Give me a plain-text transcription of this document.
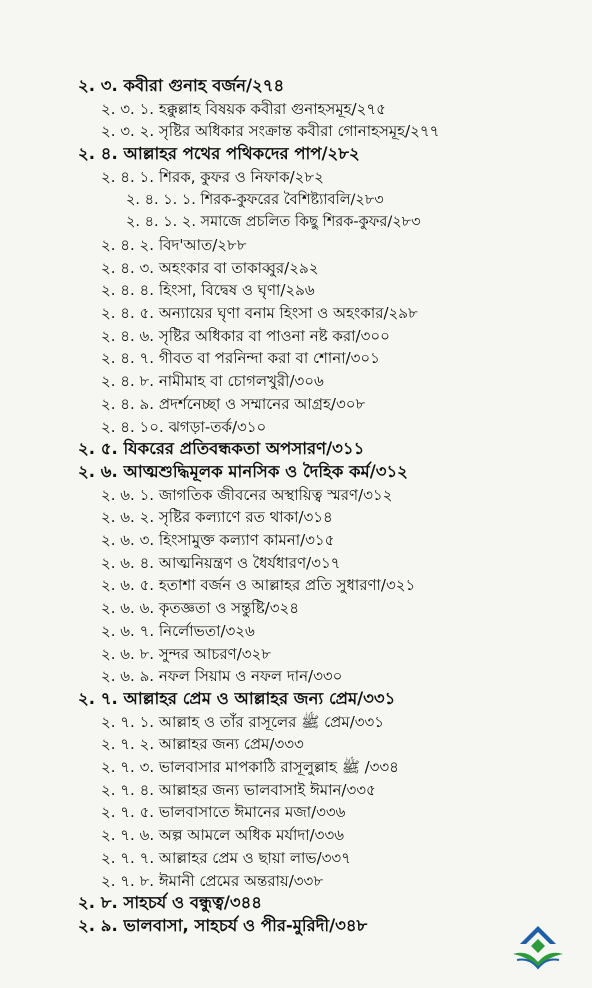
২. ৩. কবীরা গুনাহ বর্জন/২৭৪
২. ৩. ১. হক্কুল্লাহ বিষয়ক কবীরা গুনাহসমূহ/২৭৫
২. ৩. ২. সৃষ্টির অধিকার সংক্রান্ত কবীরা গোনাহসমূহ/২৭৭
২. ৪. আল্লাহর পথের পথিকদের পাপ/২৮২
২. ৪. ১. শিরক, কুফর ও নিফাক/২৮২
২. ৪. ১. ১. শিরক-কুফরের বৈশিষ্ট্যাবলি/২৮৩
২. ৪. ১. ২. সমাজে প্রচলিত কিছু শিরক-কুফর/২৮৩
২. ৪. ২. বিদ'আত/২৮৮
২. ৪. ৩. অহংকার বা তাকাব্বুর/২৯২
২. ৪. ৪. হিংসা, বিদ্বেষ ও ঘৃণা/২৯৬
২. ৪. ৫. অন্যায়ের ঘৃণা বনাম হিংসা ও অহংকার/২৯৮
২. ৪. ৬. সৃষ্টির অধিকার বা পাওনা নষ্ট করা/৩০০
২. ৪. ৭. গীবত বা পরনিন্দা করা বা শোনা/৩০১
২. ৪. ৮. নামীমাহ বা চোগলখুরী/৩০৬
২. ৪. ৯. প্রদর্শনেচ্ছা ও সম্মানের আগ্রহ/৩০৮
২. ৪. ১০. ঝগড়া-তর্ক/৩১০
২. ৫. যিকরের প্রতিবন্ধকতা অপসারণ/৩১১
২. ৬. আত্মশুদ্ধিমূলক মানসিক ও দৈহিক কর্ম/৩১২
২. ৬. ১. জাগতিক জীবনের অস্থায়িত্ব স্মরণ/৩১২
২. ৬. ২. সৃষ্টির কল্যাণে রত থাকা/৩১৪
২. ৬. ৩. হিংসামুক্ত কল্যাণ কামনা/৩১৫
২. ৬. ৪. আত্মনিয়ন্ত্রণ ও ধৈর্যধারণ/৩১৭
২. ৬. ৫. হতাশা বর্জন ও আল্লাহর প্রতি সুধারণা/৩২১
২. ৬. ৬. কৃতজ্ঞতা ও সন্তুষ্টি/৩২৪
২. ৬. ৭. নির্লোভতা/৩২৬
২. ৬. ৮. সুন্দর আচরণ/৩২৮
২. ৬. ৯. নফল সিয়াম ও নফল দান/৩৩০
২. ৭. আল্লাহর প্রেম ও আল্লাহর জন্য প্রেম/৩৩১
২. ৭. ১. আল্লাহ ও তাঁর রাসূলের ﷺ প্রেম/৩৩১
২. ৭. ২. আল্লাহর জন্য প্রেম/৩৩৩
২. ৭. ৩. ভালবাসার মাপকাঠি রাসূলুল্লাহ ﷺ /৩৩৪
২. ৭. ৪. আল্লাহর জন্য ভালবাসাই ঈমান/৩৩৫
২. ৭. ৫. ভালবাসাতে ঈমানের মজা/৩৩৬
২. ৭. ৬. অল্প আমলে অধিক মর্যাদা/৩৩৬
২. ৭. ৭. আল্লাহর প্রেম ও ছায়া লাভ/৩৩৭
২. ৭. ৮. ঈমানী প্রেমের অন্তরায়/৩৩৮
২. ৮. সাহচর্য ও বন্ধুত্ব/৩৪৪
২. ৯. ভালবাসা, সাহচর্য ও পীর-মুরিদী/৩৪৮
